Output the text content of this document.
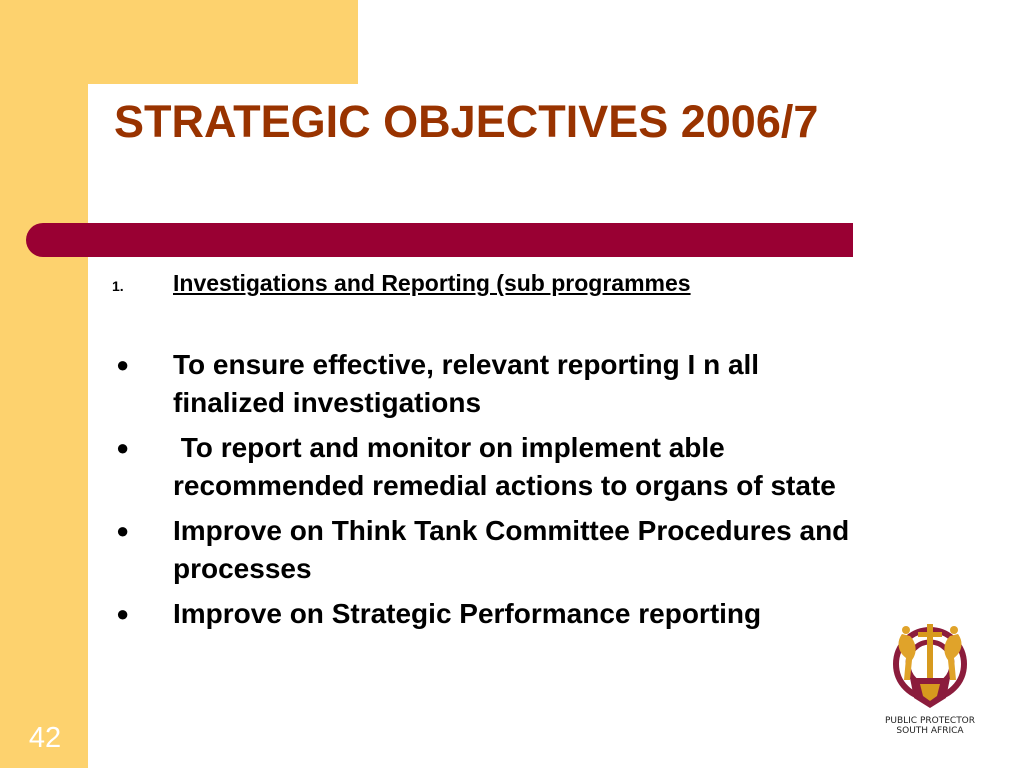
STRATEGIC OBJECTIVES 2006/7
1. Investigations and Reporting (sub programmes
● To ensure effective, relevant reporting I n all finalized investigations
● To report and monitor on implement able recommended remedial actions to organs of state
● Improve on Think Tank Committee Procedures and processes
● Improve on Strategic Performance reporting
42
PUBLIC PROTECTOR
SOUTH AFRICA
